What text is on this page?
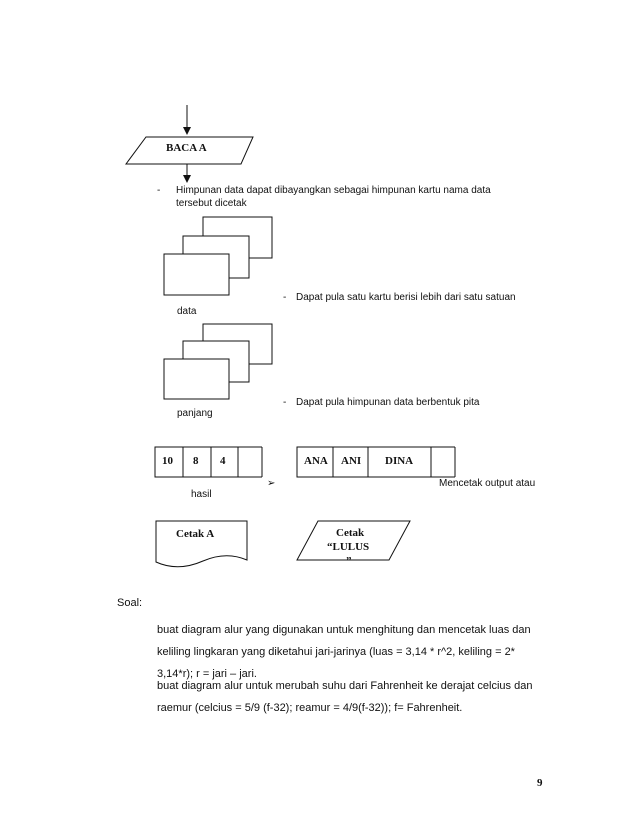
BACA A
- Himpunan data dapat dibayangkan sebagai himpunan kartu nama data
tersebut dicetak
- Dapat pula satu kartu berisi lebih dari satu satuan
data
- Dapat pula himpunan data berbentuk pita
panjang
10 8 4	ANA ANI DINA
➢	Mencetak output atau
hasil
Cetak A	Cetak
“LULUS
”
Soal:
buat diagram alur yang digunakan untuk menghitung dan mencetak luas dan
keliling lingkaran yang diketahui jari-jarinya (luas = 3,14 * r^2, keliling = 2*
3,14*r); r = jari – jari.
buat diagram alur untuk merubah suhu dari Fahrenheit ke derajat celcius dan
raemur (celcius = 5/9 (f-32); reamur = 4/9(f-32)); f= Fahrenheit.
9
